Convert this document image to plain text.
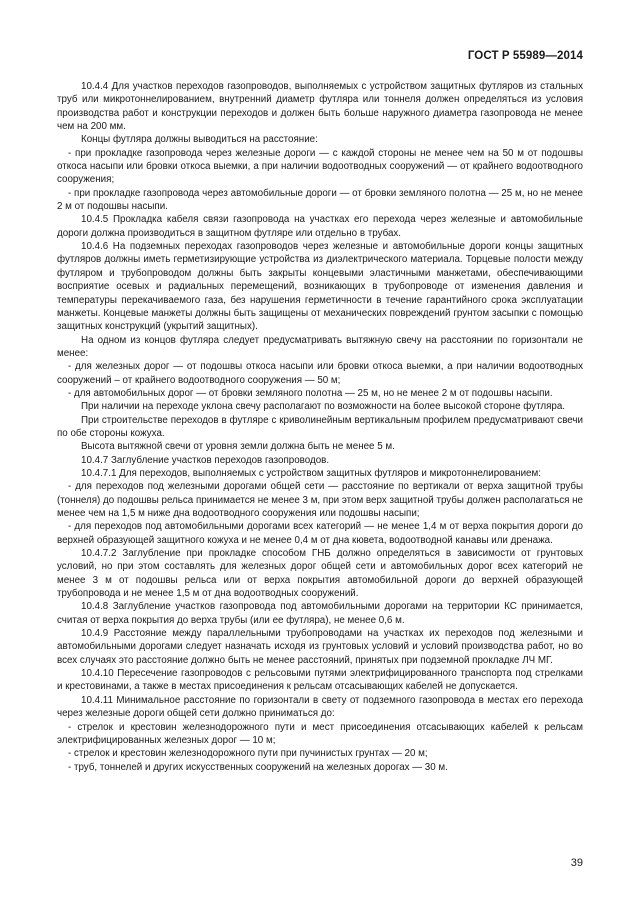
ГОСТ Р 55989—2014

10.4.4 Для участков переходов газопроводов, выполняемых с устройством защитных футляров из стальных труб или микротоннелированием, внутренний диаметр футляра или тоннеля должен определяться из условия производства работ и конструкции переходов и должен быть больше наружного диаметра газопровода не менее чем на 200 мм.

Концы футляра должны выводиться на расстояние:

- при прокладке газопровода через железные дороги — с каждой стороны не менее чем на 50 м от подошвы откоса насыпи или бровки откоса выемки, а при наличии водоотводных сооружений — от крайнего водоотводного сооружения;

- при прокладке газопровода через автомобильные дороги — от бровки земляного полотна — 25 м, но не менее 2 м от подошвы насыпи.

10.4.5 Прокладка кабеля связи газопровода на участках его перехода через железные и автомобильные дороги должна производиться в защитном футляре или отдельно в трубах.

10.4.6 На подземных переходах газопроводов через железные и автомобильные дороги концы защитных футляров должны иметь герметизирующие устройства из диэлектрического материала. Торцевые полости между футляром и трубопроводом должны быть закрыты концевыми эластичными манжетами, обеспечивающими восприятие осевых и радиальных перемещений, возникающих в трубопроводе от изменения давления и температуры перекачиваемого газа, без нарушения герметичности в течение гарантийного срока эксплуатации манжеты. Концевые манжеты должны быть защищены от механических повреждений грунтом засыпки с помощью защитных конструкций (укрытий защитных).

На одном из концов футляра следует предусматривать вытяжную свечу на расстоянии по горизонтали не менее:

- для железных дорог — от подошвы откоса насыпи или бровки откоса выемки, а при наличии водоотводных сооружений – от крайнего водоотводного сооружения — 50 м;

- для автомобильных дорог — от бровки земляного полотна — 25 м, но не менее 2 м от подошвы насыпи.

При наличии на переходе уклона свечу располагают по возможности на более высокой стороне футляра.

При строительстве переходов в футляре с криволинейным вертикальным профилем предусматривают свечи по обе стороны кожуха.

Высота вытяжной свечи от уровня земли должна быть не менее 5 м.

10.4.7 Заглубление участков переходов газопроводов.

10.4.7.1 Для переходов, выполняемых с устройством защитных футляров и микротоннелированием:

- для переходов под железными дорогами общей сети — расстояние по вертикали от верха защитной трубы (тоннеля) до подошвы рельса принимается не менее 3 м, при этом верх защитной трубы должен располагаться не менее чем на 1,5 м ниже дна водоотводного сооружения или подошвы насыпи;

- для переходов под автомобильными дорогами всех категорий — не менее 1,4 м от верха покрытия дороги до верхней образующей защитного кожуха и не менее 0,4 м от дна кювета, водоотводной канавы или дренажа.

10.4.7.2 Заглубление при прокладке способом ГНБ должно определяться в зависимости от грунтовых условий, но при этом составлять для железных дорог общей сети и автомобильных дорог всех категорий не менее 3 м от подошвы рельса или от верха покрытия автомобильной дороги до верхней образующей трубопровода и не менее 1,5 м от дна водоотводных сооружений.

10.4.8 Заглубление участков газопровода под автомобильными дорогами на территории КС принимается, считая от верха покрытия до верха трубы (или ее футляра), не менее 0,6 м.

10.4.9 Расстояние между параллельными трубопроводами на участках их переходов под железными и автомобильными дорогами следует назначать исходя из грунтовых условий и условий производства работ, но во всех случаях это расстояние должно быть не менее расстояний, принятых при подземной прокладке ЛЧ МГ.

10.4.10 Пересечение газопроводов с рельсовыми путями электрифицированного транспорта под стрелками и крестовинами, а также в местах присоединения к рельсам отсасывающих кабелей не допускается.

10.4.11 Минимальное расстояние по горизонтали в свету от подземного газопровода в местах его перехода через железные дороги общей сети должно приниматься до:

- стрелок и крестовин железнодорожного пути и мест присоединения отсасывающих кабелей к рельсам электрифицированных железных дорог — 10 м;

- стрелок и крестовин железнодорожного пути при пучинистых грунтах — 20 м;

- труб, тоннелей и других искусственных сооружений на железных дорогах — 30 м.

39
